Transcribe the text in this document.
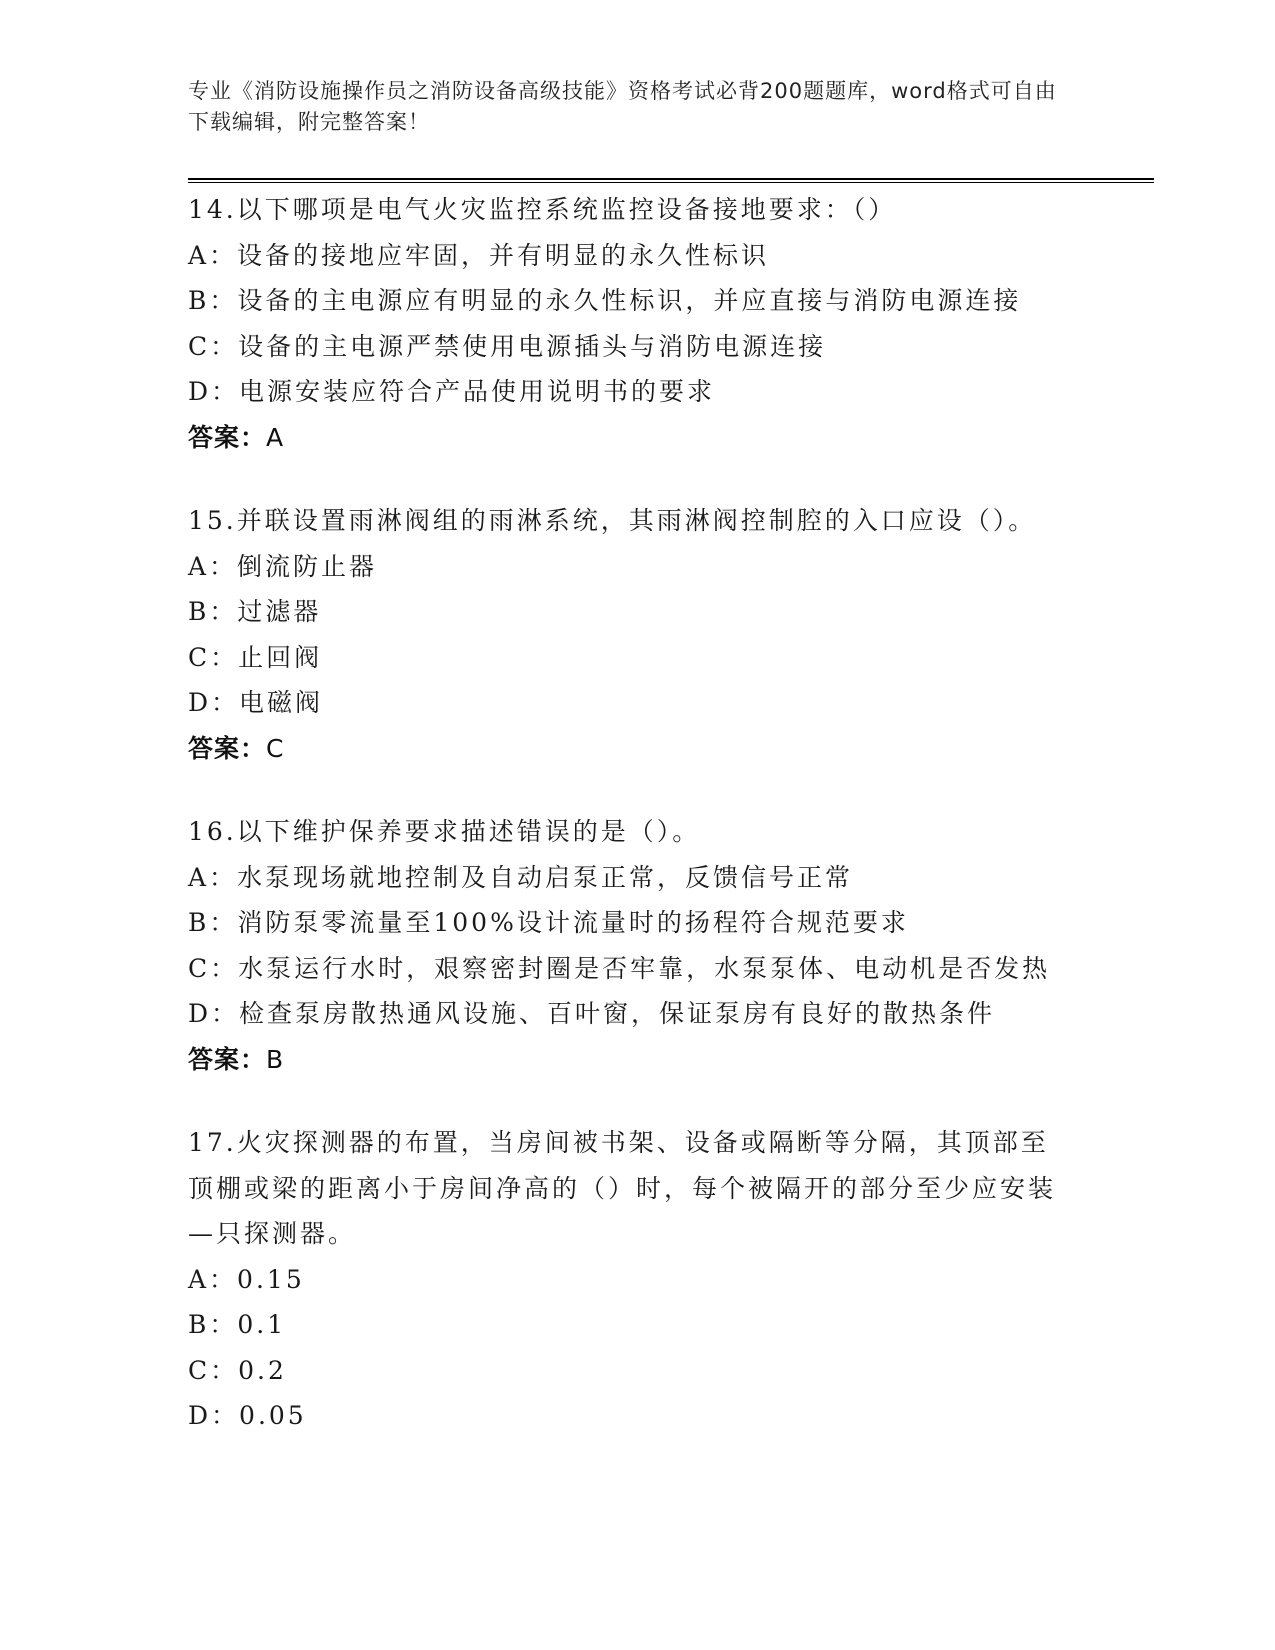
专业《消防设施操作员之消防设备高级技能》资格考试必背200题题库，word格式可自由下载编辑，附完整答案！
14.以下哪项是电气火灾监控系统监控设备接地要求：（）
A：设备的接地应牢固，并有明显的永久性标识
B：设备的主电源应有明显的永久性标识，并应直接与消防电源连接
C：设备的主电源严禁使用电源插头与消防电源连接
D：电源安装应符合产品使用说明书的要求
答案：A
15.并联设置雨淋阀组的雨淋系统，其雨淋阀控制腔的入口应设（）。
A：倒流防止器
B：过滤器
C：止回阀
D：电磁阀
答案：C
16.以下维护保养要求描述错误的是（）。
A：水泵现场就地控制及自动启泵正常，反馈信号正常
B：消防泵零流量至100%设计流量时的扬程符合规范要求
C：水泵运行水时，艰察密封圈是否牢靠，水泵泵体、电动机是否发热
D：检查泵房散热通风设施、百叶窗，保证泵房有良好的散热条件
答案：B
17.火灾探测器的布置，当房间被书架、设备或隔断等分隔，其顶部至顶棚或梁的距离小于房间净高的（）时，每个被隔开的部分至少应安装—只探测器。
A：0.15
B：0.1
C：0.2
D：0.05
